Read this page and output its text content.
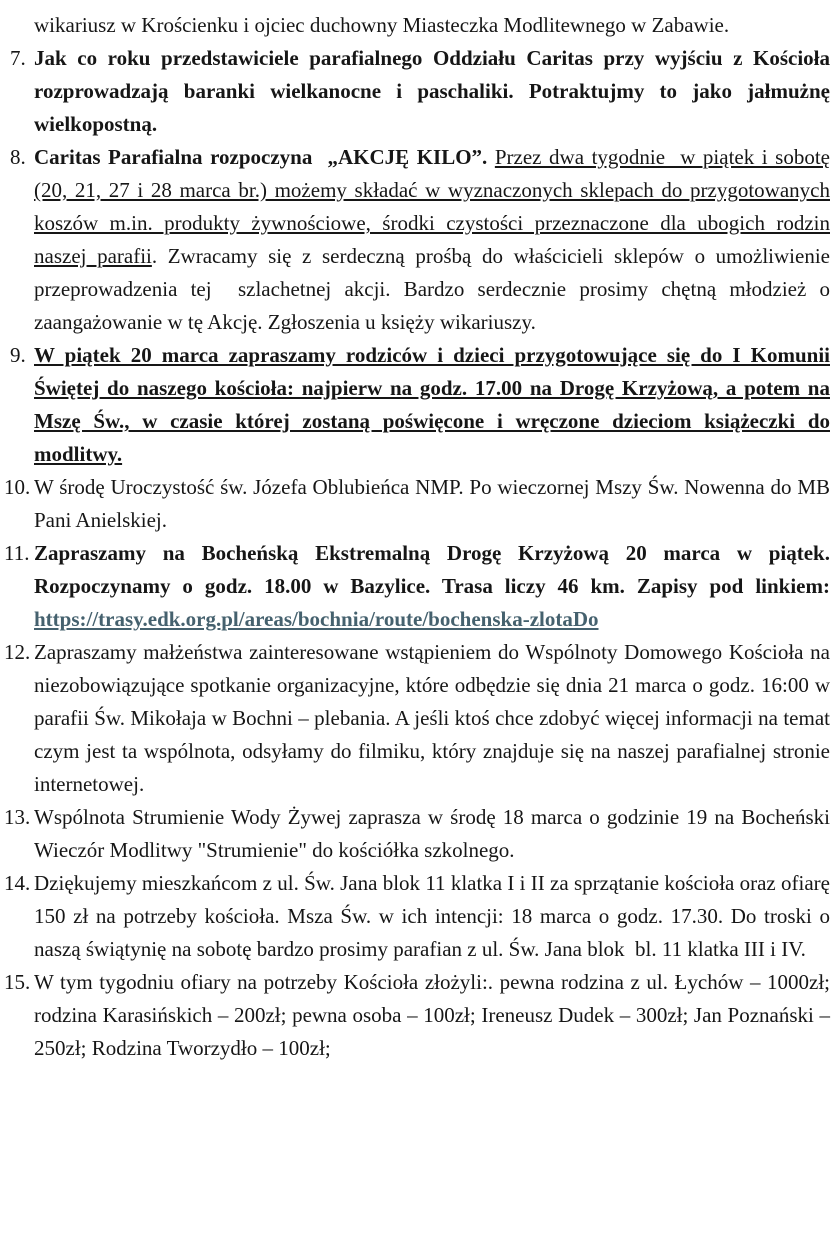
wikariusz w Krościenku i ojciec duchowny Miasteczka Modlitewnego w Zabawie.

7. Jak co roku przedstawiciele parafialnego Oddziału Caritas przy wyjściu z Kościoła rozprowadzają baranki wielkanocne i paschaliki. Potraktujmy to jako jałmużnę wielkopostną.
8. Caritas Parafialna rozpoczyna  „AKCJĘ KILO”. Przez dwa tygodnie  w piątek i sobotę (20, 21, 27 i 28 marca br.) możemy składać w wyznaczonych sklepach do przygotowanych koszów m.in. produkty żywnościowe, środki czystości przeznaczone dla ubogich rodzin naszej parafii. Zwracamy się z serdeczną prośbą do właścicieli sklepów o umożliwienie przeprowadzenia tej  szlachetnej akcji. Bardzo serdecznie prosimy chętną młodzież o zaangażowanie w tę Akcję. Zgłoszenia u księży wikariuszy.
9. W piątek 20 marca zapraszamy rodziców i dzieci przygotowujące się do I Komunii Świętej do naszego kościoła: najpierw na godz. 17.00 na Drogę Krzyżową, a potem na Mszę Św., w czasie której zostaną poświęcone i wręczone dzieciom książeczki do modlitwy.
10. W środę Uroczystość św. Józefa Oblubieńca NMP. Po wieczornej Mszy Św. Nowenna do MB Pani Anielskiej.
11. Zapraszamy na Bocheńską Ekstremalną Drogę Krzyżową 20 marca w piątek. Rozpoczynamy o godz. 18.00 w Bazylice. Trasa liczy 46 km. Zapisy pod linkiem: https://trasy.edk.org.pl/areas/bochnia/route/bochenska-zlotaDo
12. Zapraszamy małżeństwa zainteresowane wstąpieniem do Wspólnoty Domowego Kościoła na niezobowiązujące spotkanie organizacyjne, które odbędzie się dnia 21 marca o godz. 16:00 w parafii Św. Mikołaja w Bochni – plebania. A jeśli ktoś chce zdobyć więcej informacji na temat czym jest ta wspólnota, odsyłamy do filmiku, który znajduje się na naszej parafialnej stronie internetowej.
13. Wspólnota Strumienie Wody Żywej zaprasza w środę 18 marca o godzinie 19 na Bocheński Wieczór Modlitwy "Strumienie" do kościółka szkolnego.
14. Dziękujemy mieszkańcom z ul. Św. Jana blok 11 klatka I i II za sprzątanie kościoła oraz ofiarę 150 zł na potrzeby kościoła. Msza Św. w ich intencji: 18 marca o godz. 17.30. Do troski o naszą świątynię na sobotę bardzo prosimy parafian z ul. Św. Jana blok  bl. 11 klatka III i IV.
15. W tym tygodniu ofiary na potrzeby Kościoła złożyli:. pewna rodzina z ul. Łychów – 1000zł; rodzina Karasińskich – 200zł; pewna osoba – 100zł; Ireneusz Dudek – 300zł; Jan Poznański – 250zł; Rodzina Tworzydło – 100zł;
